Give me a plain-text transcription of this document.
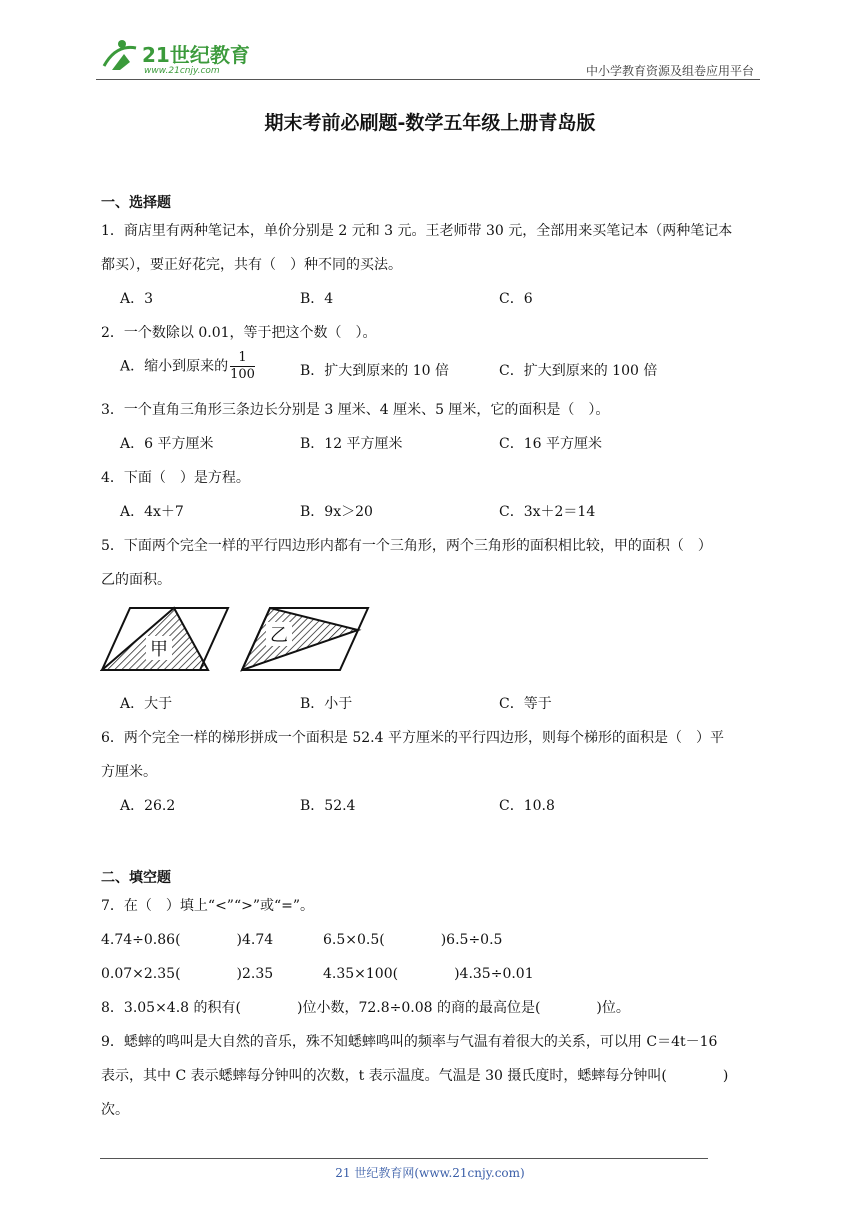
21世纪教育
www.21cnjy.com	中小学教育资源及组卷应用平台
期末考前必刷题-数学五年级上册青岛版
一、选择题
1．商店里有两种笔记本，单价分别是 2 元和 3 元。王老师带 30 元，全部用来买笔记本（两种笔记本
都买），要正好花完，共有（　）种不同的买法。
A．3	B．4	C．6
2．一个数除以 0.01，等于把这个数（　）。
A．缩小到原来的 $\frac{1}{100}$	B．扩大到原来的 10 倍	C．扩大到原来的 100 倍
3．一个直角三角形三条边长分别是 3 厘米、4 厘米、5 厘米，它的面积是（　）。
A．6 平方厘米	B．12 平方厘米	C．16 平方厘米
4．下面（　）是方程。
A．4x＋7	B．9x＞20	C．3x＋2＝14
5．下面两个完全一样的平行四边形内都有一个三角形，两个三角形的面积相比较，甲的面积（　）
乙的面积。
甲
乙
A．大于	B．小于	C．等于
6．两个完全一样的梯形拼成一个面积是 52.4 平方厘米的平行四边形，则每个梯形的面积是（　）平
方厘米。
A．26.2	B．52.4	C．10.8
二、填空题
7．在（　）填上“<”“>”或“=”。
4.74÷0.86(　　　　)4.74	6.5×0.5(　　　　)6.5÷0.5
0.07×2.35(　　　　)2.35	4.35×100(　　　　)4.35÷0.01
8．3.05×4.8 的积有(　　　　)位小数，72.8÷0.08 的商的最高位是(　　　　)位。
9．蟋蟀的鸣叫是大自然的音乐，殊不知蟋蟀鸣叫的频率与气温有着很大的关系，可以用 C＝4t－16
表示，其中 C 表示蟋蟀每分钟叫的次数，t 表示温度。气温是 30 摄氏度时，蟋蟀每分钟叫(　　　　)
次。
21 世纪教育网(www.21cnjy.com)
